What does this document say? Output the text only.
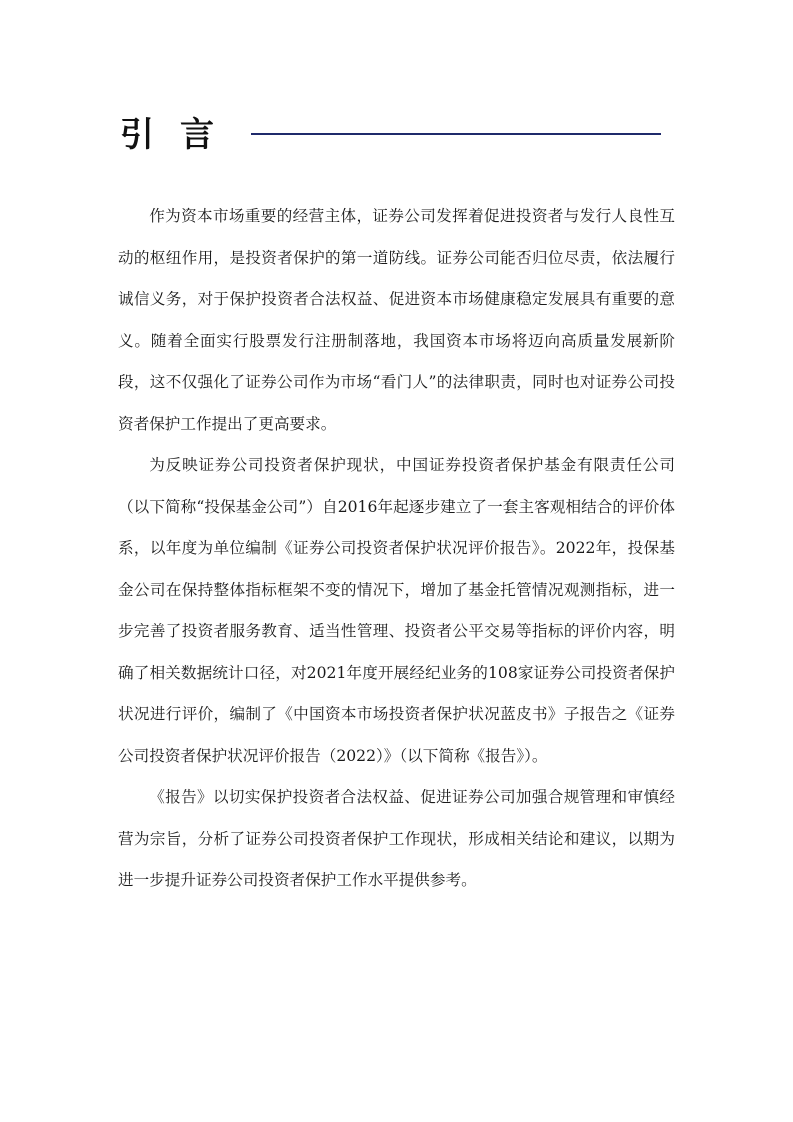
引言

作为资本市场重要的经营主体，证券公司发挥着促进投资者与发行人良性互动的枢纽作用，是投资者保护的第一道防线。证券公司能否归位尽责，依法履行诚信义务，对于保护投资者合法权益、促进资本市场健康稳定发展具有重要的意义。随着全面实行股票发行注册制落地，我国资本市场将迈向高质量发展新阶段，这不仅强化了证券公司作为市场“看门人”的法律职责，同时也对证券公司投资者保护工作提出了更高要求。

为反映证券公司投资者保护现状，中国证券投资者保护基金有限责任公司（以下简称“投保基金公司”）自2016年起逐步建立了一套主客观相结合的评价体系，以年度为单位编制《证券公司投资者保护状况评价报告》。2022年，投保基金公司在保持整体指标框架不变的情况下，增加了基金托管情况观测指标，进一步完善了投资者服务教育、适当性管理、投资者公平交易等指标的评价内容，明确了相关数据统计口径，对2021年度开展经纪业务的108家证券公司投资者保护状况进行评价，编制了《中国资本市场投资者保护状况蓝皮书》子报告之《证券公司投资者保护状况评价报告（2022）》（以下简称《报告》）。

《报告》以切实保护投资者合法权益、促进证券公司加强合规管理和审慎经营为宗旨，分析了证券公司投资者保护工作现状，形成相关结论和建议，以期为进一步提升证券公司投资者保护工作水平提供参考。
